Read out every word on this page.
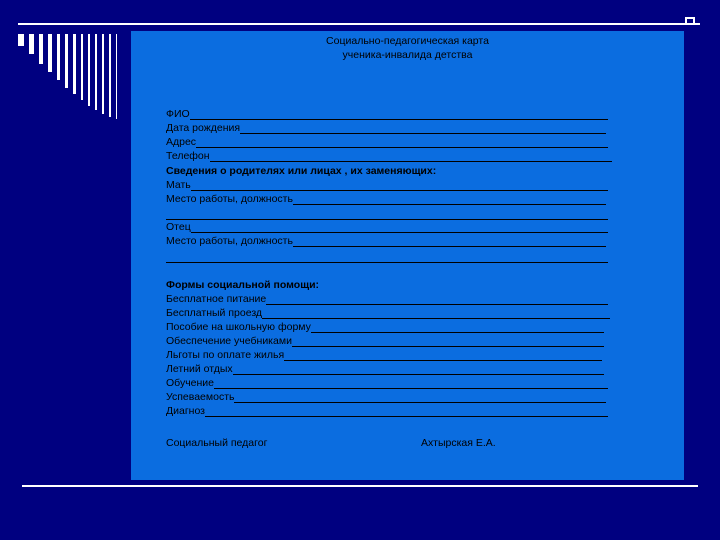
Социально-педагогическая карта
ученика-инвалида детства
ФИО
Дата рождения
Адрес
Телефон
Сведения о родителях или лицах , их заменяющих:
Мать
Место работы, должность
Отец
Место работы, должность
Формы социальной помощи:
Бесплатное питание
Бесплатный проезд
Пособие на школьную форму
Обеспечение учебниками
Льготы по оплате жилья
Летний отдых
Обучение
Успеваемость
Диагноз
Социальный педагог	Ахтырская Е.А.
